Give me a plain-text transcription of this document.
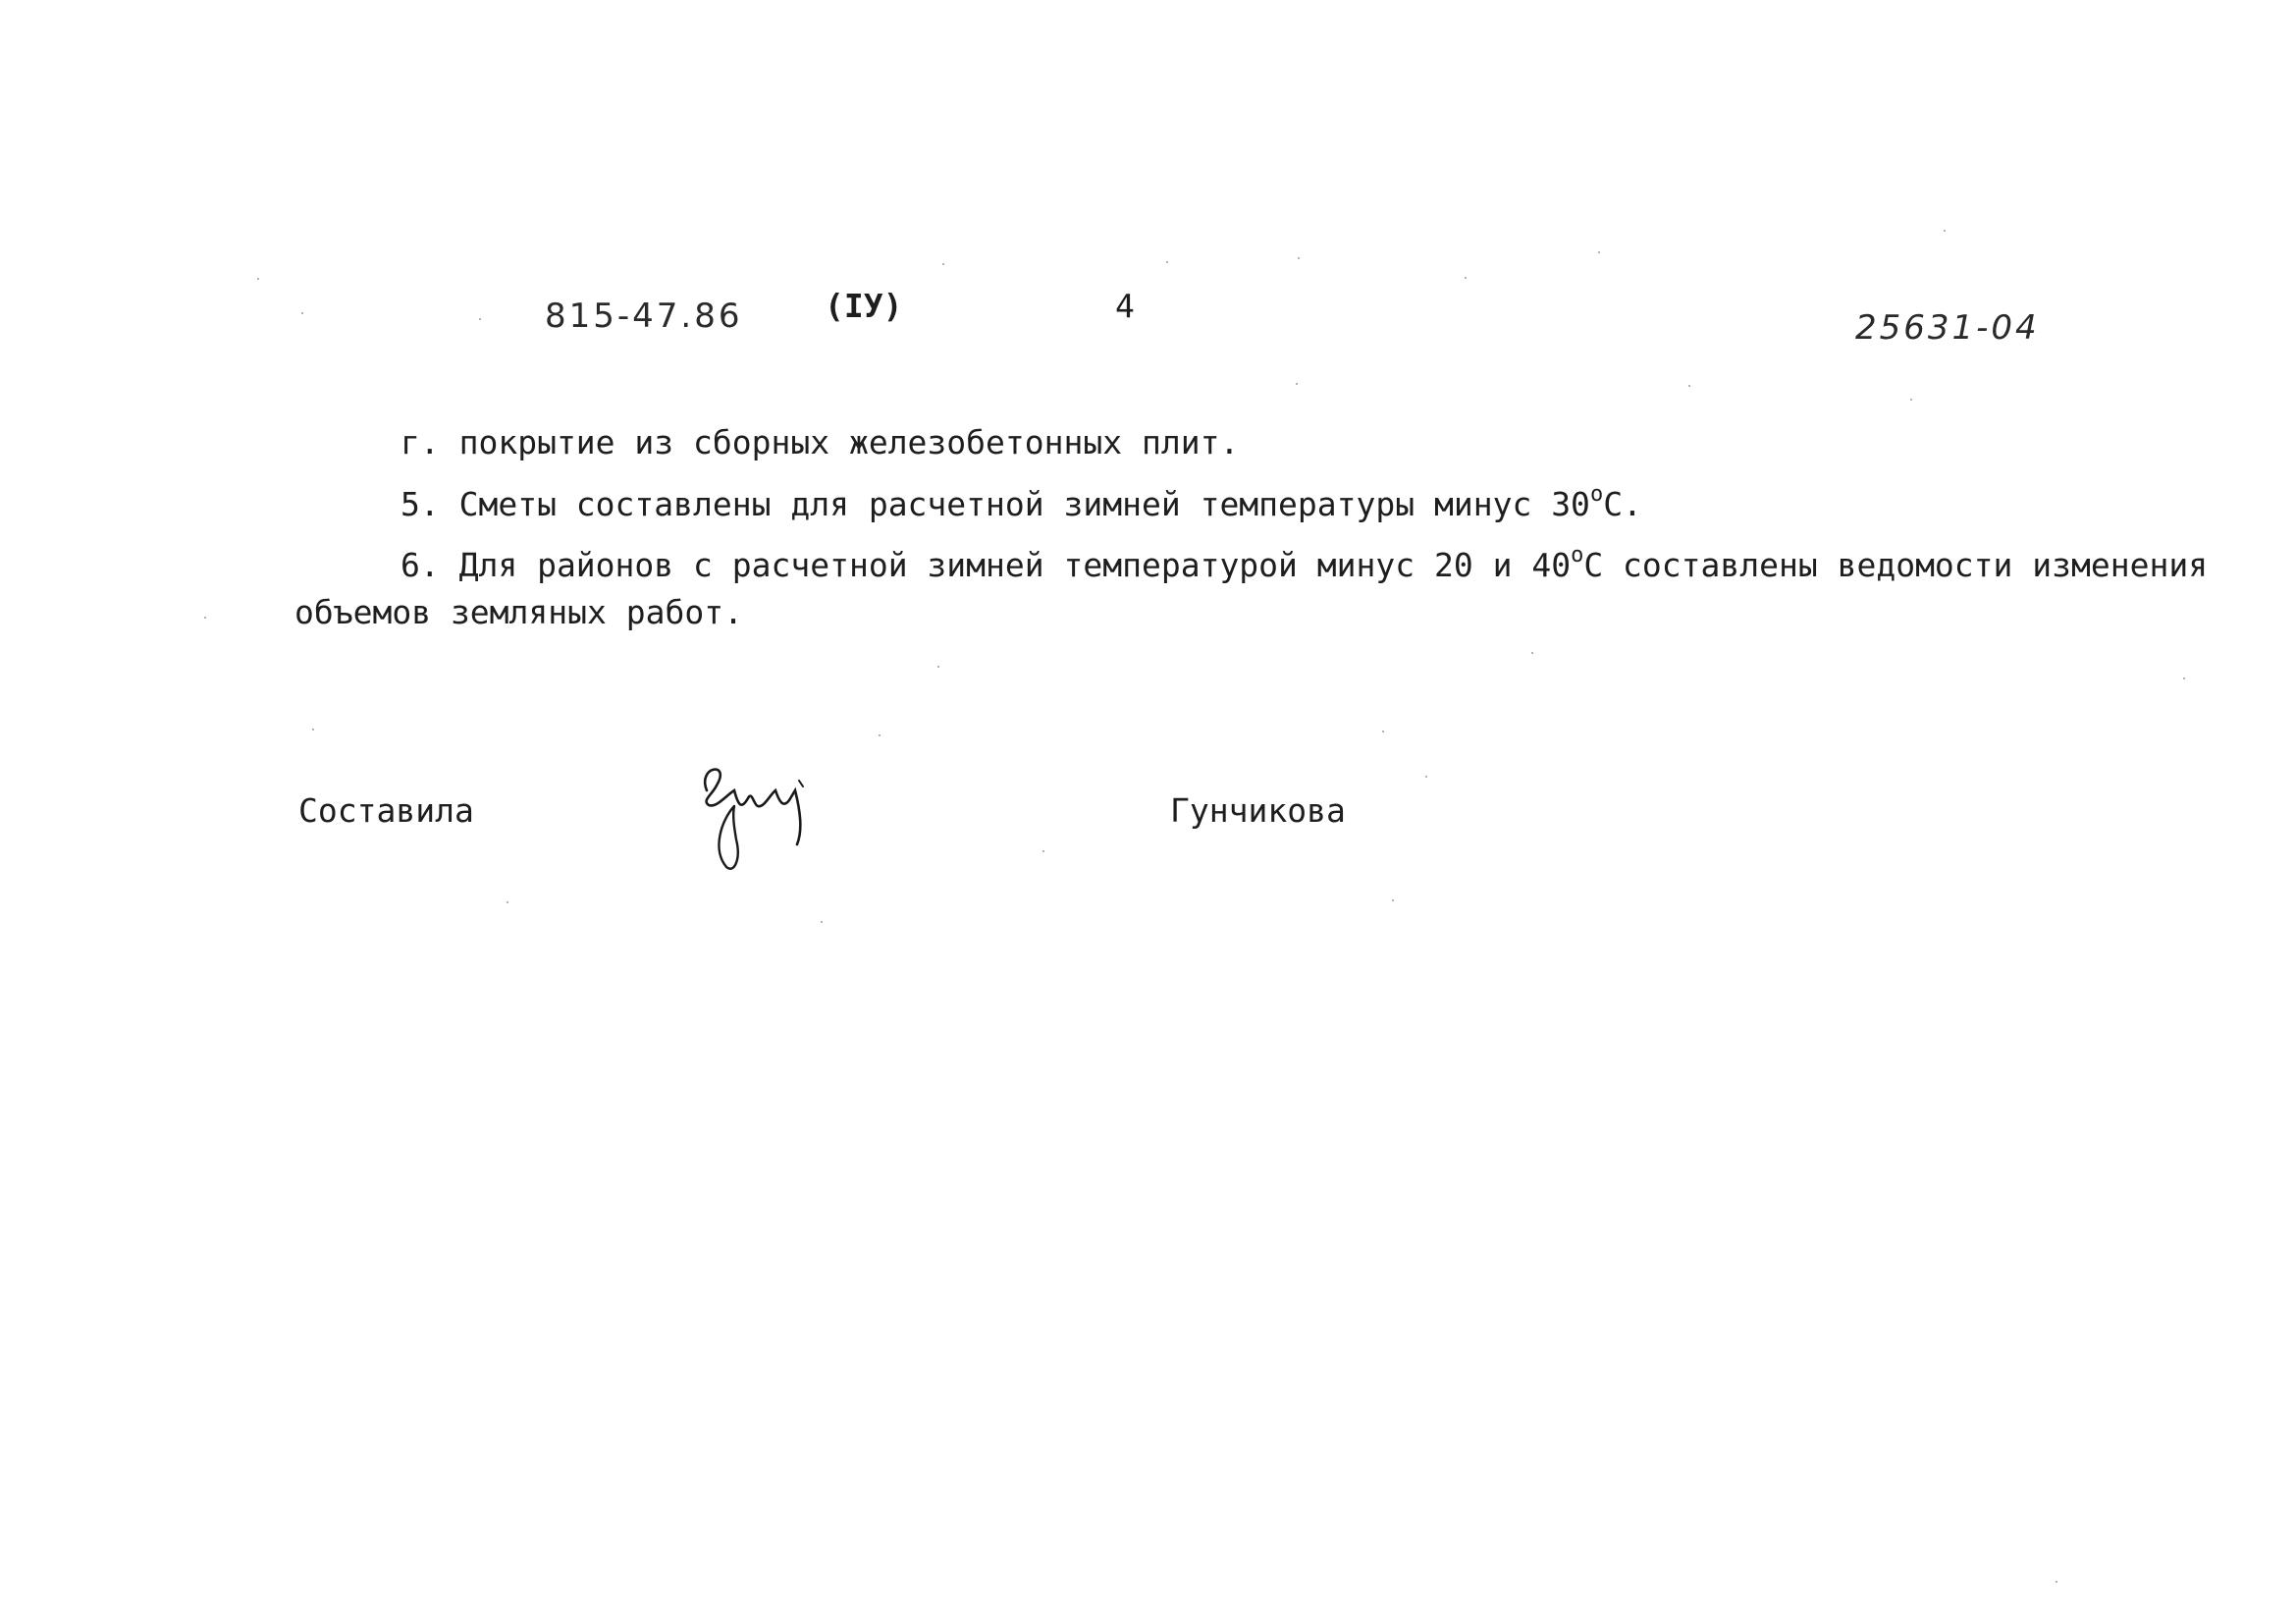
815-47.86	(IУ)	4
25631-04
г. покрытие из сборных железобетонных плит.
5. Сметы составлены для расчетной зимней температуры минус $30^оС$.
6. Для районов с расчетной зимней температурой минус 20 и $40^оС$ составлены ведомости изменения
объемов земляных работ.
Составила	Гунчикова
